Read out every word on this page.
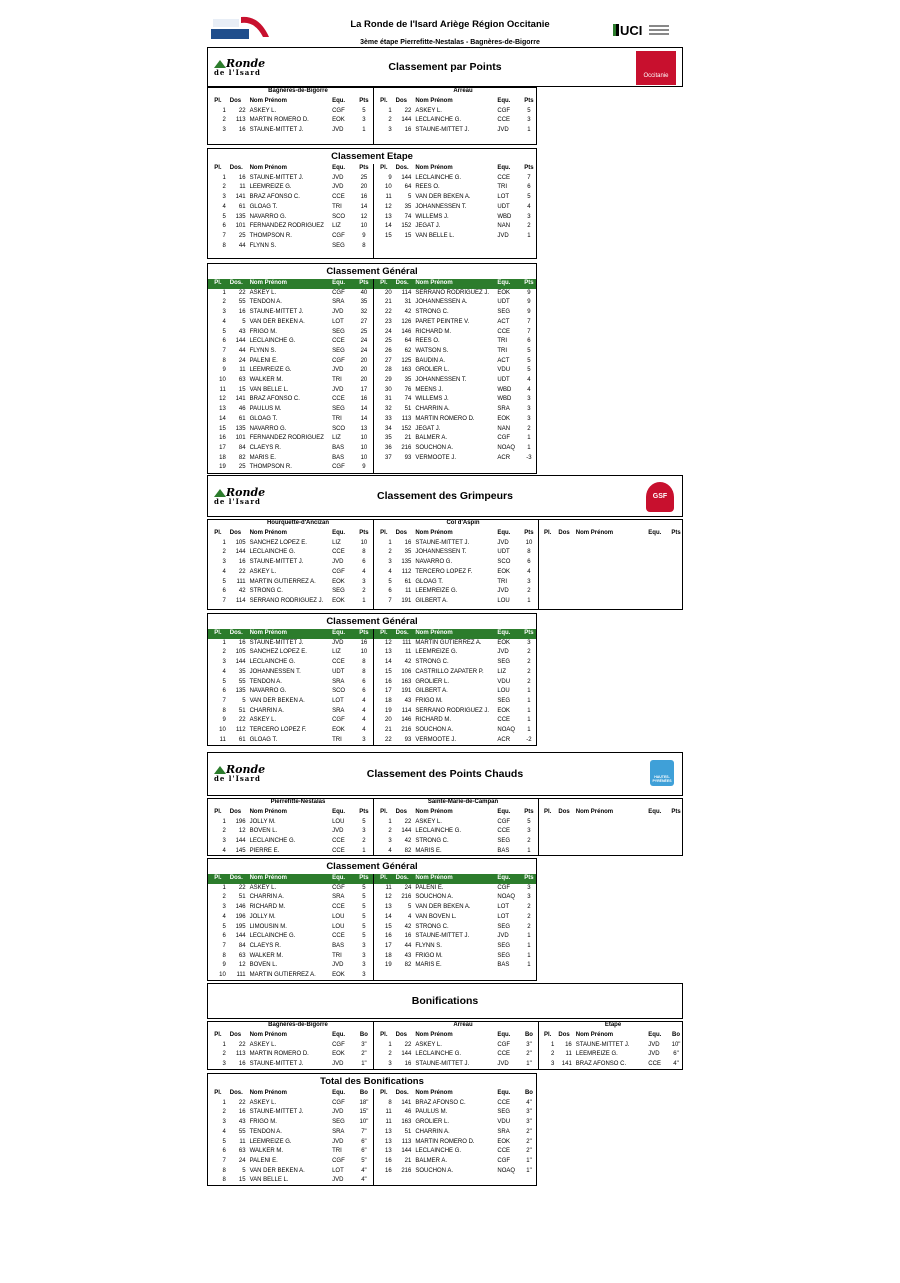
La Ronde de l'Isard Ariège Région Occitanie
3ème étape Pierrefitte-Nestalas - Bagnères-de-Bigorre
UCI
Ronde
de l'Isard	Classement par Points
Occitanie
Bagnères-de-Bigorre	Arreau
Pl.	Dos	Nom Prénom	Equ.	Pts
1	22	ASKEY L.	CGF	5
2	113	MARTIN ROMERO D.	EOK	3
3	16	STAUNE-MITTET J.	JVD	1
Pl.	Dos	Nom Prénom	Equ.	Pts
1	22	ASKEY L.	CGF	5
2	144	LECLAINCHE G.	CCE	3
3	16	STAUNE-MITTET J.	JVD	1
Classement Etape
Pl.	Dos.	Nom Prénom	Equ.	Pts
1	16	STAUNE-MITTET J.	JVD	25
2	11	LEEMREIZE G.	JVD	20
3	141	BRAZ AFONSO C.	CCE	16
4	61	GLOAG T.	TRI	14
5	135	NAVARRO G.	SCO	12
6	101	FERNANDEZ RODRIGUEZ	LIZ	10
7	25	THOMPSON R.	CGF	9
8	44	FLYNN S.	SEG	8
Pl.	Dos.	Nom Prénom	Equ.	Pts
9	144	LECLAINCHE G.	CCE	7
10	64	REES O.	TRI	6
11	5	VAN DER BEKEN A.	LOT	5
12	35	JOHANNESSEN T.	UDT	4
13	74	WILLEMS J.	WBD	3
14	152	JEGAT J.	NAN	2
15	15	VAN BELLE L.	JVD	1
Classement Général
Pl.	Dos.	Nom Prénom	Equ.	Pts
1	22	ASKEY L.	CGF	40
2	55	TENDON A.	SRA	35
3	16	STAUNE-MITTET J.	JVD	32
4	5	VAN DER BEKEN A.	LOT	27
5	43	FRIGO M.	SEG	25
6	144	LECLAINCHE G.	CCE	24
7	44	FLYNN S.	SEG	24
8	24	PALENI E.	CGF	20
9	11	LEEMREIZE G.	JVD	20
10	63	WALKER M.	TRI	20
11	15	VAN BELLE L.	JVD	17
12	141	BRAZ AFONSO C.	CCE	16
13	46	PAULUS M.	SEG	14
14	61	GLOAG T.	TRI	14
15	135	NAVARRO G.	SCO	13
16	101	FERNANDEZ RODRIGUEZ	LIZ	10
17	84	CLAEYS R.	BAS	10
18	82	MARIS E.	BAS	10
19	25	THOMPSON R.	CGF	9
Pl.	Dos.	Nom Prénom	Equ.	Pts
20	114	SERRANO RODRIGUEZ J.	EOK	9
21	31	JOHANNESSEN A.	UDT	9
22	42	STRONG C.	SEG	9
23	126	PARET PEINTRE V.	ACT	7
24	146	RICHARD M.	CCE	7
25	64	REES O.	TRI	6
26	62	WATSON S.	TRI	5
27	125	BAUDIN A.	ACT	5
28	163	GROLIER L.	VDU	5
29	35	JOHANNESSEN T.	UDT	4
30	76	MEENS J.	WBD	4
31	74	WILLEMS J.	WBD	3
32	51	CHARRIN A.	SRA	3
33	113	MARTIN ROMERO D.	EOK	3
34	152	JEGAT J.	NAN	2
35	21	BALMER A.	CGF	1
36	216	SOUCHON A.	NOAQ	1
37	93	VERMOOTE J.	ACR	-3
Ronde
de l'Isard	Classement des Grimpeurs	GSF
Hourquette-d'Ancizan	Col d'Aspin
Pl.	Dos	Nom Prénom	Equ.	Pts
1	105	SANCHEZ LOPEZ E.	LIZ	10
2	144	LECLAINCHE G.	CCE	8
3	16	STAUNE-MITTET J.	JVD	6
4	22	ASKEY L.	CGF	4
5	111	MARTIN GUTIERREZ A.	EOK	3
6	42	STRONG C.	SEG	2
7	114	SERRANO RODRIGUEZ J.	EOK	1
Pl.	Dos	Nom Prénom	Equ.	Pts
1	16	STAUNE-MITTET J.	JVD	10
2	35	JOHANNESSEN T.	UDT	8
3	135	NAVARRO G.	SCO	6
4	112	TERCERO LOPEZ F.	EOK	4
5	61	GLOAG T.	TRI	3
6	11	LEEMREIZE G.	JVD	2
7	191	GILBERT A.	LOU	1
Pl.	Dos	Nom Prénom	Equ.	Pts
Classement Général
Pl.	Dos.	Nom Prénom	Equ.	Pts
1	16	STAUNE-MITTET J.	JVD	16
2	105	SANCHEZ LOPEZ E.	LIZ	10
3	144	LECLAINCHE G.	CCE	8
4	35	JOHANNESSEN T.	UDT	8
5	55	TENDON A.	SRA	6
6	135	NAVARRO G.	SCO	6
7	5	VAN DER BEKEN A.	LOT	4
8	51	CHARRIN A.	SRA	4
9	22	ASKEY L.	CGF	4
10	112	TERCERO LOPEZ F.	EOK	4
11	61	GLOAG T.	TRI	3
Pl.	Dos.	Nom Prénom	Equ.	Pts
12	111	MARTIN GUTIERREZ A.	EOK	3
13	11	LEEMREIZE G.	JVD	2
14	42	STRONG C.	SEG	2
15	106	CASTRILLO ZAPATER P.	LIZ	2
16	163	GROLIER L.	VDU	2
17	191	GILBERT A.	LOU	1
18	43	FRIGO M.	SEG	1
19	114	SERRANO RODRIGUEZ J.	EOK	1
20	146	RICHARD M.	CCE	1
21	216	SOUCHON A.	NOAQ	1
22	93	VERMOOTE J.	ACR	-2
Ronde
de l'Isard	Classement des Points Chauds	HAUTES-PYRÉNÉES
Pierrefitte-Nestalas	Sainte-Marie-de-Campan
Pl.	Dos	Nom Prénom	Equ.	Pts
1	196	JOLLY M.	LOU	5
2	12	BOVEN L.	JVD	3
3	144	LECLAINCHE G.	CCE	2
4	145	PIERRE E.	CCE	1
Pl.	Dos	Nom Prénom	Equ.	Pts
1	22	ASKEY L.	CGF	5
2	144	LECLAINCHE G.	CCE	3
3	42	STRONG C.	SEG	2
4	82	MARIS E.	BAS	1
Pl.	Dos	Nom Prénom	Equ.	Pts
Classement Général
Pl.	Dos.	Nom Prénom	Equ.	Pts
1	22	ASKEY L.	CGF	5
2	51	CHARRIN A.	SRA	5
3	146	RICHARD M.	CCE	5
4	196	JOLLY M.	LOU	5
5	195	LIMOUSIN M.	LOU	5
6	144	LECLAINCHE G.	CCE	5
7	84	CLAEYS R.	BAS	3
8	63	WALKER M.	TRI	3
9	12	BOVEN L.	JVD	3
10	111	MARTIN GUTIERREZ A.	EOK	3
Pl.	Dos.	Nom Prénom	Equ.	Pts
11	24	PALENI E.	CGF	3
12	216	SOUCHON A.	NOAQ	3
13	5	VAN DER BEKEN A.	LOT	2
14	4	VAN BOVEN L.	LOT	2
15	42	STRONG C.	SEG	2
16	16	STAUNE-MITTET J.	JVD	1
17	44	FLYNN S.	SEG	1
18	43	FRIGO M.	SEG	1
19	82	MARIS E.	BAS	1
Bonifications
Bagnères-de-Bigorre	Arreau	Etape
Pl.	Dos	Nom Prénom	Equ.	Bo
1	22	ASKEY L.	CGF	3"
2	113	MARTIN ROMERO D.	EOK	2"
3	16	STAUNE-MITTET J.	JVD	1"
Pl.	Dos	Nom Prénom	Equ.	Bo
1	22	ASKEY L.	CGF	3"
2	144	LECLAINCHE G.	CCE	2"
3	16	STAUNE-MITTET J.	JVD	1"
Pl.	Dos	Nom Prénom	Equ.	Bo
1	16	STAUNE-MITTET J.	JVD	10"
2	11	LEEMREIZE G.	JVD	6"
3	141	BRAZ AFONSO C.	CCE	4"
Total des Bonifications
Pl.	Dos.	Nom Prénom	Equ.	Bo
1	22	ASKEY L.	CGF	18"
2	16	STAUNE-MITTET J.	JVD	15"
3	43	FRIGO M.	SEG	10"
4	55	TENDON A.	SRA	7"
5	11	LEEMREIZE G.	JVD	6"
6	63	WALKER M.	TRI	6"
7	24	PALENI E.	CGF	5"
8	5	VAN DER BEKEN A.	LOT	4"
8	15	VAN BELLE L.	JVD	4"
Pl.	Dos.	Nom Prénom	Equ.	Bo
8	141	BRAZ AFONSO C.	CCE	4"
11	46	PAULUS M.	SEG	3"
11	163	GROLIER L.	VDU	3"
13	51	CHARRIN A.	SRA	2"
13	113	MARTIN ROMERO D.	EOK	2"
13	144	LECLAINCHE G.	CCE	2"
16	21	BALMER A.	CGF	1"
16	216	SOUCHON A.	NOAQ	1"
